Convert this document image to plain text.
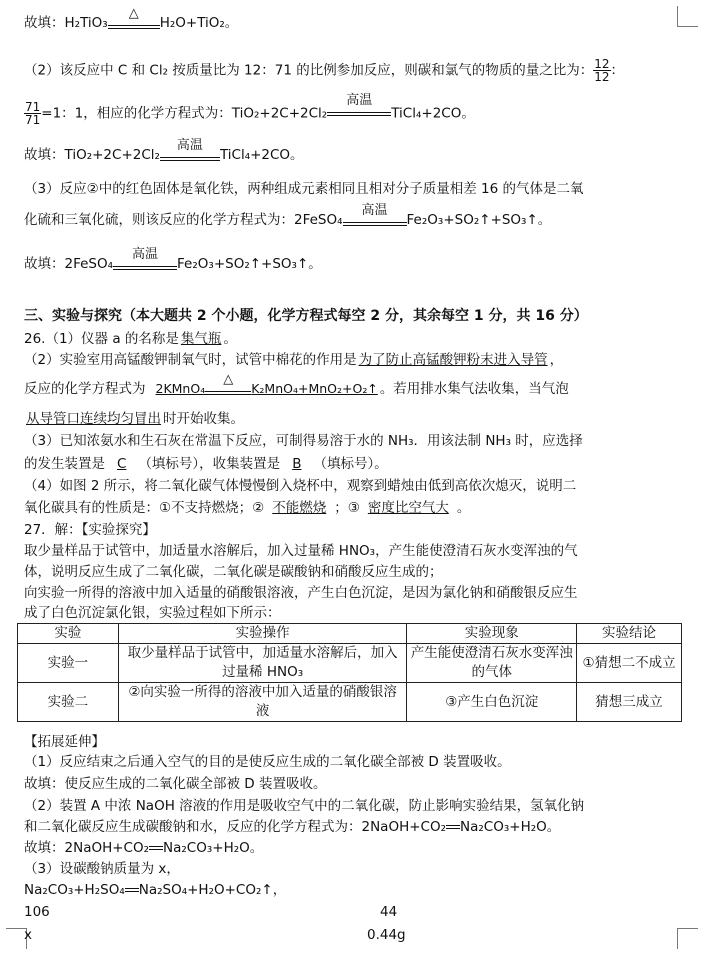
故填：H₂TiO₃
△
H₂O+TiO₂。
（2）该反应中 C 和 Cl₂ 按质量比为 12：71 的比例参加反应，则碳和氯气的物质的量之比为： $\frac{12}{12}$ ：
$\frac{71}{71} =1$：1，相应的化学方程式为：TiO₂+2C+2Cl₂
高温
TiCl₄+2CO。
故填：TiO₂+2C+2Cl₂
高温
TiCl₄+2CO。
（3）反应②中的红色固体是氧化铁，两种组成元素相同且相对分子质量相差 16 的气体是二氧
化硫和三氧化硫，则该反应的化学方程式为：2FeSO₄
高温
Fe₂O₃+SO₂↑+SO₃↑。
故填：2FeSO₄
高温
Fe₂O₃+SO₂↑+SO₃↑。
三、实验与探究（本大题共 2 个小题，化学方程式每空 2 分，其余每空 1 分，共 16 分）
26.（1）仪器 a 的名称是 集气瓶 。
（2）实验室用高锰酸钾制氧气时，试管中棉花的作用是 为了防止高锰酸钾粉末进入导管 ，
反应的化学方程式为 2KMnO₄
△
K₂MnO₄+MnO₂+O₂↑ 。若用排水集气法收集，当气泡
从导管口连续均匀冒出 时开始收集。
（3）已知浓氨水和生石灰在常温下反应，可制得易溶于水的 NH₃．用该法制 NH₃ 时，应选择
的发生装置是 C （填标号），收集装置是 B （填标号）。
（4）如图 2 所示，将二氧化碳气体慢慢倒入烧杯中，观察到蜡烛由低到高依次熄灭，说明二
氧化碳具有的性质是：①不支持燃烧；② 不能燃烧 ；③ 密度比空气大 。
27．解：【实验探究】
取少量样品于试管中，加适量水溶解后，加入过量稀 HNO₃，产生能使澄清石灰水变浑浊的气
体，说明反应生成了二氧化碳，二氧化碳是碳酸钠和硝酸反应生成的；
向实验一所得的溶液中加入适量的硝酸银溶液，产生白色沉淀，是因为氯化钠和硝酸银反应生
成了白色沉淀氯化银，实验过程如下所示：
实验	实验操作	实验现象	实验结论
实验一	取少量样品于试管中，加适量水溶解后，加入过量稀 HNO₃	产生能使澄清石灰水变浑浊的气体	①猜想二不成立
实验二	②向实验一所得的溶液中加入适量的硝酸银溶液	③产生白色沉淀	猜想三成立
【拓展延伸】
（1）反应结束之后通入空气的目的是使反应生成的二氧化碳全部被 D 装置吸收。
故填：使反应生成的二氧化碳全部被 D 装置吸收。
（2）装置 A 中浓 NaOH 溶液的作用是吸收空气中的二氧化碳，防止影响实验结果，氢氧化钠
和二氧化碳反应生成碳酸钠和水，反应的化学方程式为：2NaOH+CO₂ Na₂CO₃+H₂O。
故填：2NaOH+CO₂ Na₂CO₃+H₂O。
（3）设碳酸钠质量为 x，
Na₂CO₃+H₂SO₄ Na₂SO₄+H₂O+CO₂↑，
106	44
x	0.44g
